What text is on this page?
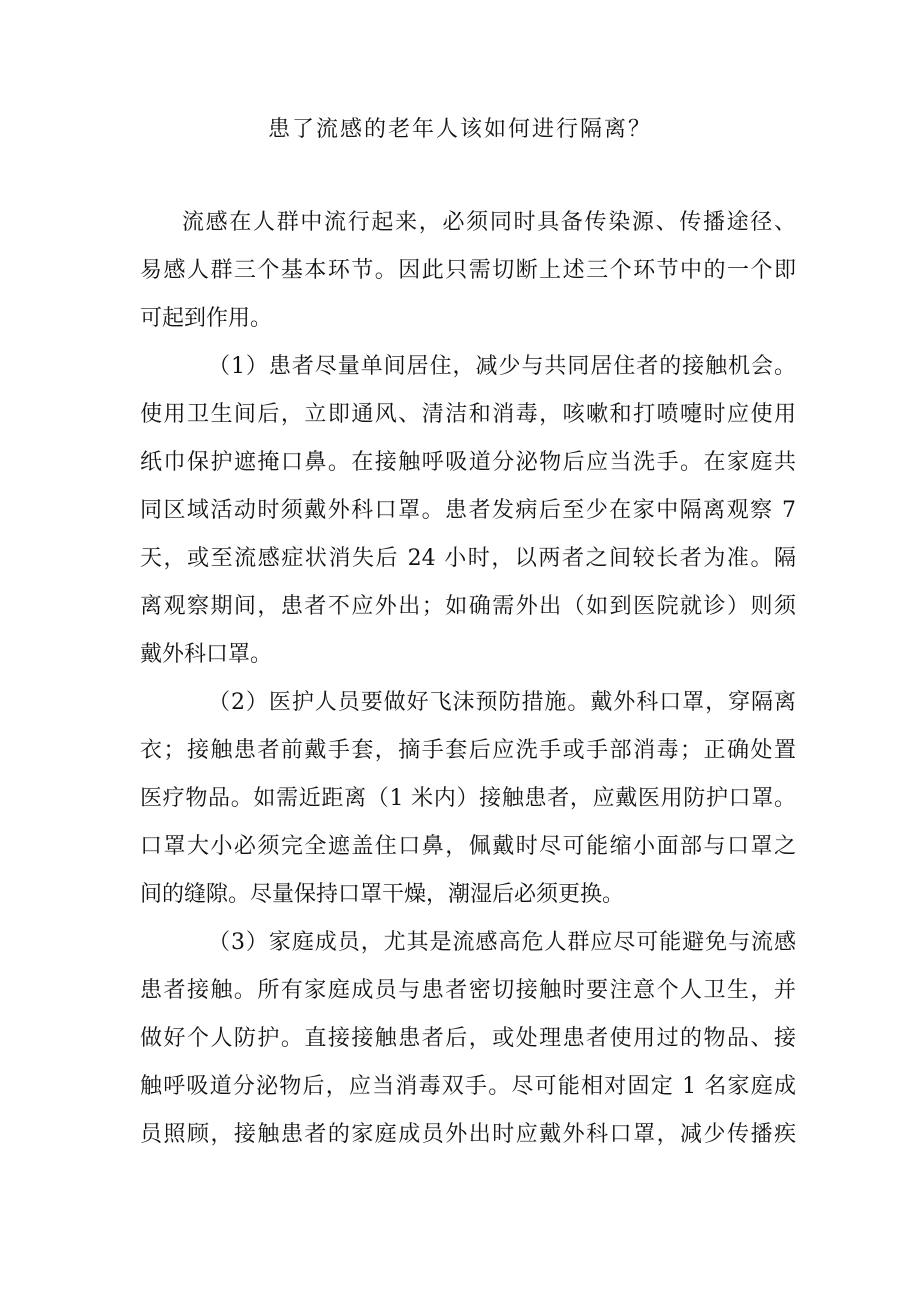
患了流感的老年人该如何进行隔离？
流感在人群中流行起来，必须同时具备传染源、传播途径、
易感人群三个基本环节。因此只需切断上述三个环节中的一个即
可起到作用。
（1）患者尽量单间居住，减少与共同居住者的接触机会。
使用卫生间后，立即通风、清洁和消毒，咳嗽和打喷嚏时应使用
纸巾保护遮掩口鼻。在接触呼吸道分泌物后应当洗手。在家庭共
同区域活动时须戴外科口罩。患者发病后至少在家中隔离观察 7
天，或至流感症状消失后 24 小时，以两者之间较长者为准。隔
离观察期间，患者不应外出；如确需外出（如到医院就诊）则须
戴外科口罩。
（2）医护人员要做好飞沫预防措施。戴外科口罩，穿隔离
衣；接触患者前戴手套，摘手套后应洗手或手部消毒；正确处置
医疗物品。如需近距离（1 米内）接触患者，应戴医用防护口罩。
口罩大小必须完全遮盖住口鼻，佩戴时尽可能缩小面部与口罩之
间的缝隙。尽量保持口罩干燥，潮湿后必须更换。
（3）家庭成员，尤其是流感高危人群应尽可能避免与流感
患者接触。所有家庭成员与患者密切接触时要注意个人卫生，并
做好个人防护。直接接触患者后，或处理患者使用过的物品、接
触呼吸道分泌物后，应当消毒双手。尽可能相对固定 1 名家庭成
员照顾，接触患者的家庭成员外出时应戴外科口罩，减少传播疾
